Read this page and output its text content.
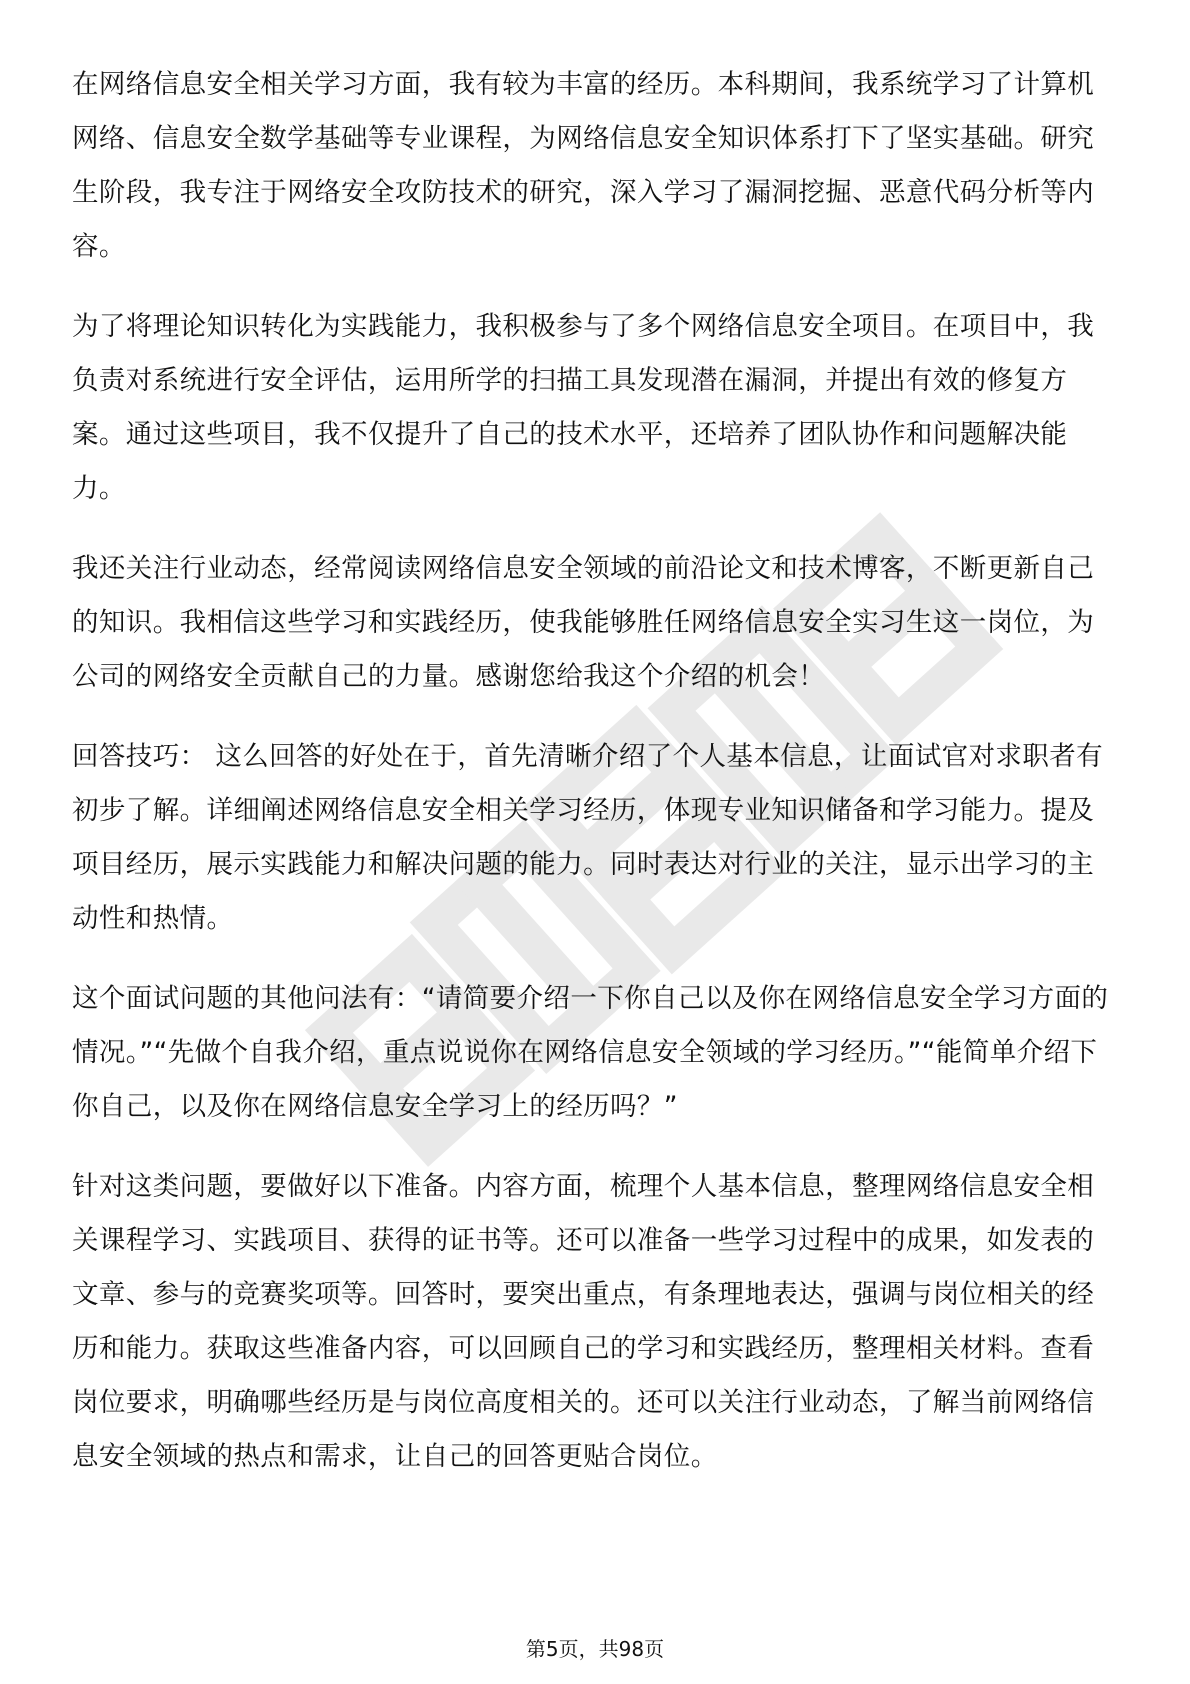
在网络信息安全相关学习方面，我有较为丰富的经历。本科期间，我系统学习了计算机网络、信息安全数学基础等专业课程，为网络信息安全知识体系打下了坚实基础。研究生阶段，我专注于网络安全攻防技术的研究，深入学习了漏洞挖掘、恶意代码分析等内容。

为了将理论知识转化为实践能力，我积极参与了多个网络信息安全项目。在项目中，我负责对系统进行安全评估，运用所学的扫描工具发现潜在漏洞，并提出有效的修复方案。通过这些项目，我不仅提升了自己的技术水平，还培养了团队协作和问题解决能力。

我还关注行业动态，经常阅读网络信息安全领域的前沿论文和技术博客，不断更新自己的知识。我相信这些学习和实践经历，使我能够胜任网络信息安全实习生这一岗位，为公司的网络安全贡献自己的力量。感谢您给我这个介绍的机会！

回答技巧： 这么回答的好处在于，首先清晰介绍了个人基本信息，让面试官对求职者有初步了解。详细阐述网络信息安全相关学习经历，体现专业知识储备和学习能力。提及项目经历，展示实践能力和解决问题的能力。同时表达对行业的关注，显示出学习的主动性和热情。

这个面试问题的其他问法有：“请简要介绍一下你自己以及你在网络信息安全学习方面的情况。”“先做个自我介绍，重点说说你在网络信息安全领域的学习经历。”“能简单介绍下你自己，以及你在网络信息安全学习上的经历吗？”

针对这类问题，要做好以下准备。内容方面，梳理个人基本信息，整理网络信息安全相关课程学习、实践项目、获得的证书等。还可以准备一些学习过程中的成果，如发表的文章、参与的竞赛奖项等。回答时，要突出重点，有条理地表达，强调与岗位相关的经历和能力。获取这些准备内容，可以回顾自己的学习和实践经历，整理相关材料。查看岗位要求，明确哪些经历是与岗位高度相关的。还可以关注行业动态，了解当前网络信息安全领域的热点和需求，让自己的回答更贴合岗位。

第5页，共98页
